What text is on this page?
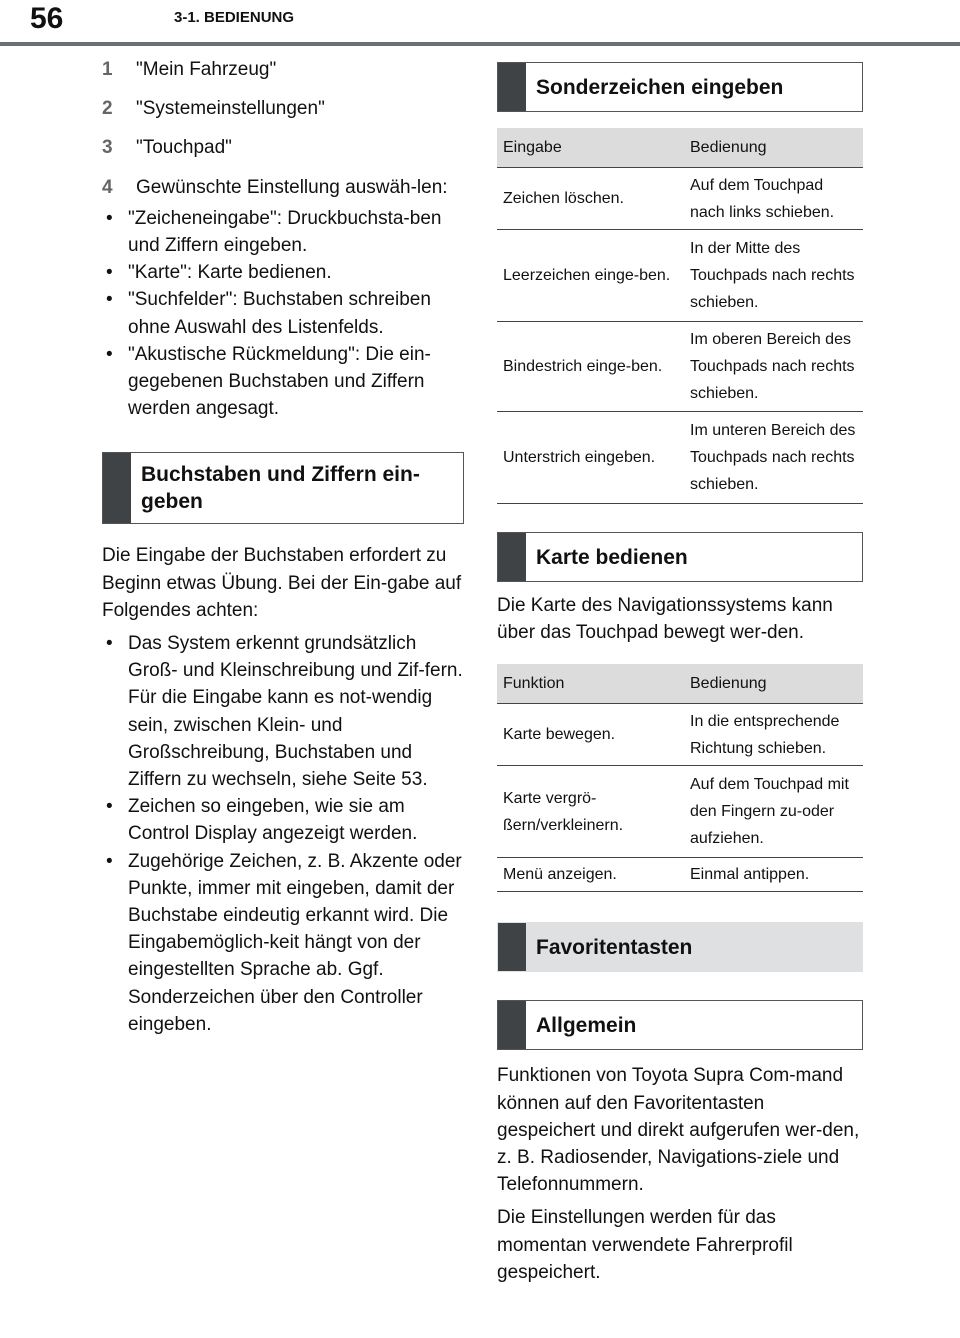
56	3-1. BEDIENUNG
1 "Mein Fahrzeug"
2 "Systemeinstellungen"
3 "Touchpad"
4 Gewünschte Einstellung auswäh-len:
• "Zeicheneingabe": Druckbuchsta-ben und Ziffern eingeben.
• "Karte": Karte bedienen.
• "Suchfelder": Buchstaben schreiben ohne Auswahl des Listenfelds.
• "Akustische Rückmeldung": Die ein-gegebenen Buchstaben und Ziffern werden angesagt.
Buchstaben und Ziffern ein-geben

Die Eingabe der Buchstaben erfordert zu Beginn etwas Übung. Bei der Ein-gabe auf Folgendes achten:

• Das System erkennt grundsätzlich Groß- und Kleinschreibung und Zif-fern. Für die Eingabe kann es not-wendig sein, zwischen Klein- und Großschreibung, Buchstaben und Ziffern zu wechseln, siehe Seite 53.
• Zeichen so eingeben, wie sie am Control Display angezeigt werden.
• Zugehörige Zeichen, z. B. Akzente oder Punkte, immer mit eingeben, damit der Buchstabe eindeutig erkannt wird. Die Eingabemöglich-keit hängt von der eingestellten Sprache ab. Ggf. Sonderzeichen über den Controller eingeben.
Sonderzeichen eingeben
Eingabe	Bedienung
Zeichen löschen.	Auf dem Touchpad nach links schieben.
Leerzeichen einge-ben.	In der Mitte des Touchpads nach rechts schieben.
Bindestrich einge-ben.	Im oberen Bereich des Touchpads nach rechts schieben.
Unterstrich eingeben.	Im unteren Bereich des Touchpads nach rechts schieben.
Karte bedienen

Die Karte des Navigationssystems kann über das Touchpad bewegt wer-den.

Funktion	Bedienung
Karte bewegen.	In die entsprechende Richtung schieben.
Karte vergrö-ßern/verkleinern.	Auf dem Touchpad mit den Fingern zu-oder aufziehen.
Menü anzeigen.	Einmal antippen.
Favoritentasten
Allgemein

Funktionen von Toyota Supra Com-mand können auf den Favoritentasten gespeichert und direkt aufgerufen wer-den, z. B. Radiosender, Navigations-ziele und Telefonnummern.

Die Einstellungen werden für das momentan verwendete Fahrerprofil gespeichert.
